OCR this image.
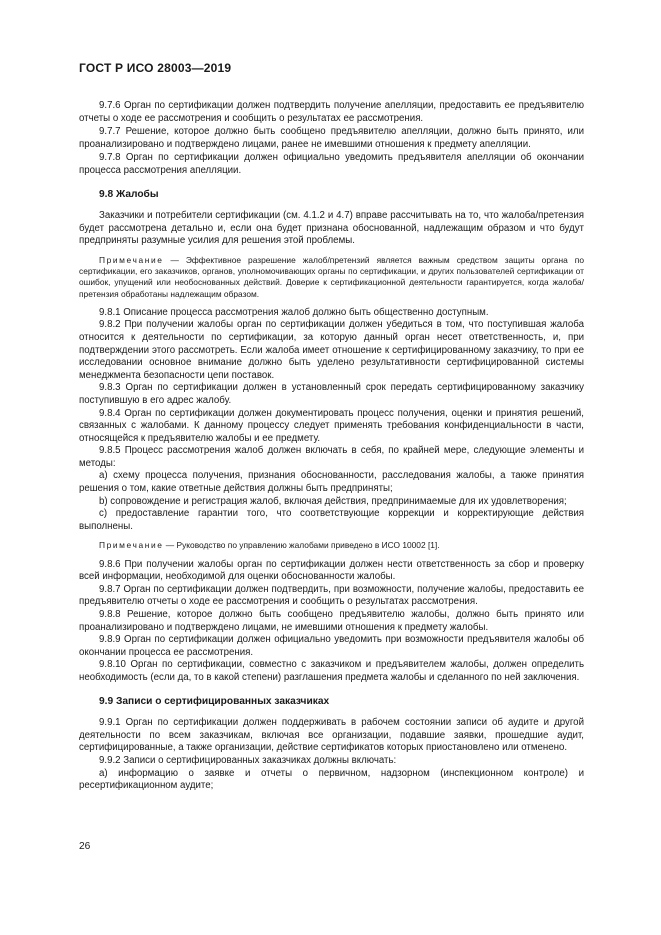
ГОСТ Р ИСО 28003—2019

9.7.6 Орган по сертификации должен подтвердить получение апелляции, предоставить ее предъявителю отчеты о ходе ее рассмотрения и сообщить о результатах ее рассмотрения.

9.7.7 Решение, которое должно быть сообщено предъявителю апелляции, должно быть принято, или проанализировано и подтверждено лицами, ранее не имевшими отношения к предмету апелляции.

9.7.8 Орган по сертификации должен официально уведомить предъявителя апелляции об окончании процесса рассмотрения апелляции.

9.8 Жалобы

Заказчики и потребители сертификации (см. 4.1.2 и 4.7) вправе рассчитывать на то, что жалоба/претензия будет рассмотрена детально и, если она будет признана обоснованной, надлежащим образом и что будут предприняты разумные усилия для решения этой проблемы.

Примечание — Эффективное разрешение жалоб/претензий является важным средством защиты органа по сертификации, его заказчиков, органов, уполномочивающих органы по сертификации, и других пользователей сертификации от ошибок, упущений или необоснованных действий. Доверие к сертификационной деятельности гарантируется, когда жалоба/претензия обработаны надлежащим образом.

9.8.1 Описание процесса рассмотрения жалоб должно быть общественно доступным.

9.8.2 При получении жалобы орган по сертификации должен убедиться в том, что поступившая жалоба относится к деятельности по сертификации, за которую данный орган несет ответственность, и, при подтверждении этого рассмотреть. Если жалоба имеет отношение к сертифицированному заказчику, то при ее исследовании основное внимание должно быть уделено результативности сертифицированной системы менеджмента безопасности цепи поставок.

9.8.3 Орган по сертификации должен в установленный срок передать сертифицированному заказчику поступившую в его адрес жалобу.

9.8.4 Орган по сертификации должен документировать процесс получения, оценки и принятия решений, связанных с жалобами. К данному процессу следует применять требования конфиденциальности в части, относящейся к предъявителю жалобы и ее предмету.

9.8.5 Процесс рассмотрения жалоб должен включать в себя, по крайней мере, следующие элементы и методы:

a) схему процесса получения, признания обоснованности, расследования жалобы, а также принятия решения о том, какие ответные действия должны быть предприняты;

b) сопровождение и регистрация жалоб, включая действия, предпринимаемые для их удовлетворения;

c) предоставление гарантии того, что соответствующие коррекции и корректирующие действия выполнены.

Примечание — Руководство по управлению жалобами приведено в ИСО 10002 [1].

9.8.6 При получении жалобы орган по сертификации должен нести ответственность за сбор и проверку всей информации, необходимой для оценки обоснованности жалобы.

9.8.7 Орган по сертификации должен подтвердить, при возможности, получение жалобы, предоставить ее предъявителю отчеты о ходе ее рассмотрения и сообщить о результатах рассмотрения.

9.8.8 Решение, которое должно быть сообщено предъявителю жалобы, должно быть принято или проанализировано и подтверждено лицами, не имевшими отношения к предмету жалобы.

9.8.9 Орган по сертификации должен официально уведомить при возможности предъявителя жалобы об окончании процесса ее рассмотрения.

9.8.10 Орган по сертификации, совместно с заказчиком и предъявителем жалобы, должен определить необходимость (если да, то в какой степени) разглашения предмета жалобы и сделанного по ней заключения.

9.9 Записи о сертифицированных заказчиках

9.9.1 Орган по сертификации должен поддерживать в рабочем состоянии записи об аудите и другой деятельности по всем заказчикам, включая все организации, подавшие заявки, прошедшие аудит, сертифицированные, а также организации, действие сертификатов которых приостановлено или отменено.

9.9.2 Записи о сертифицированных заказчиках должны включать:

a) информацию о заявке и отчеты о первичном, надзорном (инспекционном контроле) и ресертификационном аудите;

26
